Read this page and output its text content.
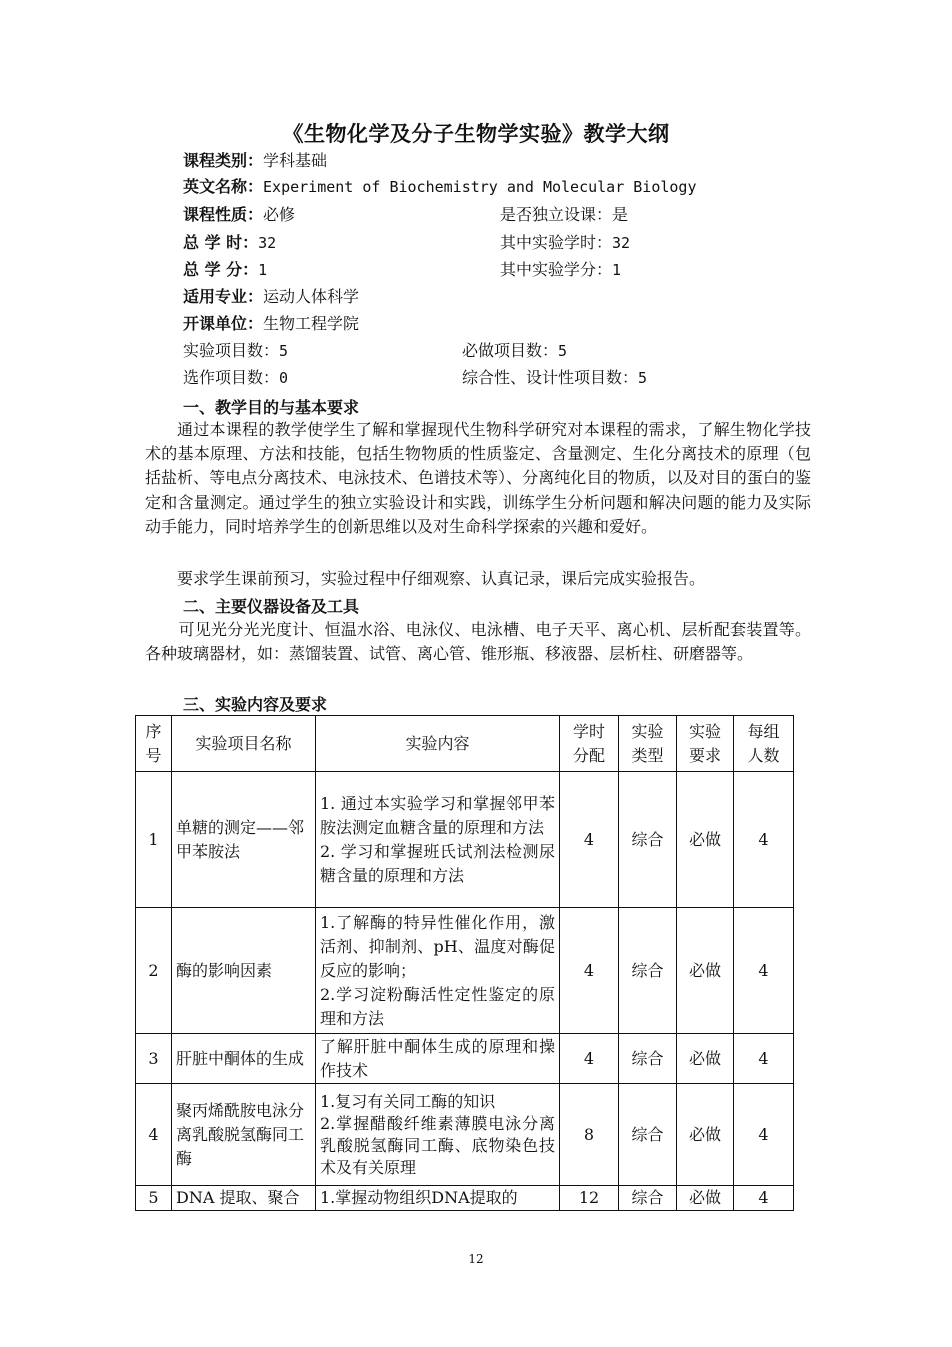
《生物化学及分子生物学实验》教学大纲
课程类别：学科基础
英文名称：Experiment of Biochemistry and Molecular Biology
课程性质：必修	是否独立设课：是
总 学 时：32	其中实验学时：32
总 学 分：1	其中实验学分：1
适用专业：运动人体科学
开课单位：生物工程学院
实验项目数：5	必做项目数：5
选作项目数：0	综合性、设计性项目数：5
一、教学目的与基本要求

通过本课程的教学使学生了解和掌握现代生物科学研究对本课程的需求，了解生物化学技术的基本原理、方法和技能，包括生物物质的性质鉴定、含量测定、生化分离技术的原理（包括盐析、等电点分离技术、电泳技术、色谱技术等）、分离纯化目的物质，以及对目的蛋白的鉴定和含量测定。通过学生的独立实验设计和实践，训练学生分析问题和解决问题的能力及实际动手能力，同时培养学生的创新思维以及对生命科学探索的兴趣和爱好。

要求学生课前预习，实验过程中仔细观察、认真记录，课后完成实验报告。

二、主要仪器设备及工具

可见光分光光度计、恒温水浴、电泳仪、电泳槽、电子天平、离心机、层析配套装置等。各种玻璃器材，如：蒸馏装置、试管、离心管、锥形瓶、移液器、层析柱、研磨器等。

三、实验内容及要求
序号	实验项目名称	实验内容	学时分配	实验类型	实验要求	每组人数
1	单糖的测定——邻甲苯胺法	1. 通过本实验学习和掌握邻甲苯胺法测定血糖含量的原理和方法
2. 学习和掌握班氏试剂法检测尿糖含量的原理和方法	4	综合	必做	4
2	酶的影响因素	1.了解酶的特异性催化作用，激活剂、抑制剂、pH、温度对酶促反应的影响；
2.学习淀粉酶活性定性鉴定的原理和方法	4	综合	必做	4
3	肝脏中酮体的生成	了解肝脏中酮体生成的原理和操作技术	4	综合	必做	4
4	聚丙烯酰胺电泳分离乳酸脱氢酶同工酶	1.复习有关同工酶的知识
2.掌握醋酸纤维素薄膜电泳分离乳酸脱氢酶同工酶、底物染色技术及有关原理	8	综合	必做	4
5	DNA 提取、聚合	1.掌握动物组织DNA提取的	12	综合	必做	4
12
